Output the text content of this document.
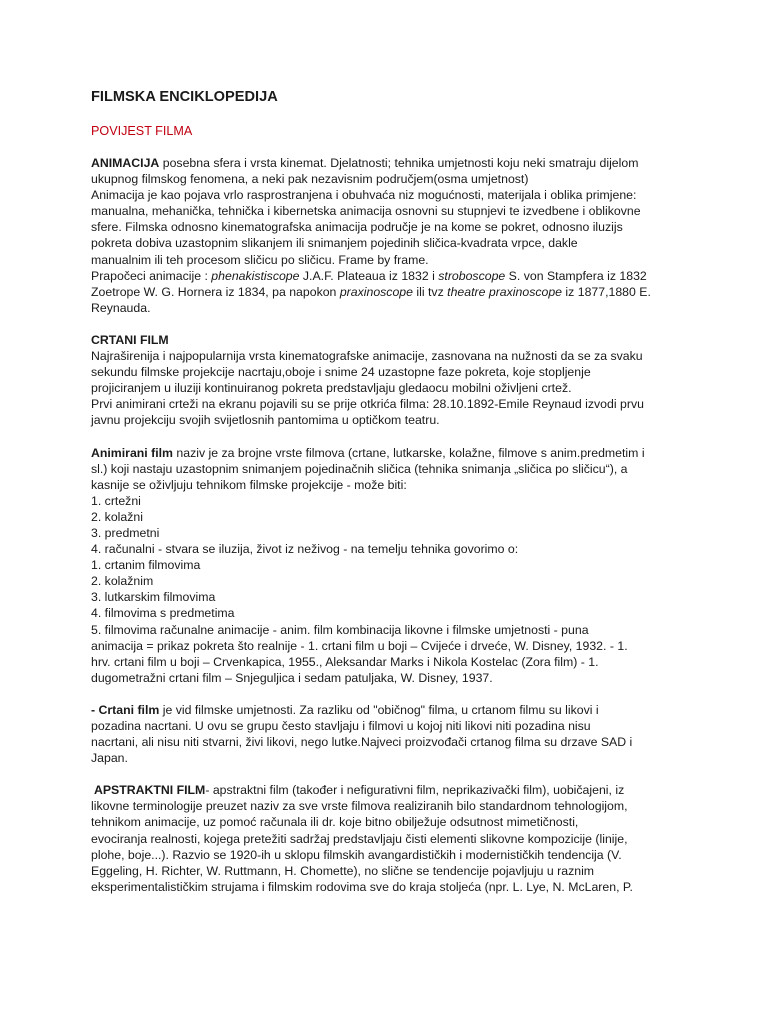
FILMSKA ENCIKLOPEDIJA
POVIJEST FILMA

ANIMACIJA posebna sfera i vrsta kinemat. Djelatnosti; tehnika umjetnosti koju neki smatraju dijelom

ukupnog filmskog fenomena, a neki pak nezavisnim područjem(osma umjetnost)

Animacija je kao pojava vrlo rasprostranjena i obuhvaća niz mogućnosti, materijala i oblika primjene:

manualna, mehanička, tehnička i kibernetska animacija osnovni su stupnjevi te izvedbene i oblikovne

sfere. Filmska odnosno kinematografska animacija područje je na kome se pokret, odnosno iluzijs

pokreta dobiva uzastopnim slikanjem ili snimanjem pojedinih sličica-kvadrata vrpce, dakle

manualnim ili teh procesom sličicu po sličicu. Frame by frame.

Prapočeci animacije : phenakistiscope J.A.F. Plateaua iz 1832 i stroboscope S. von Stampfera iz 1832

Zoetrope W. G. Hornera iz 1834, pa napokon praxinoscope ili tvz theatre praxinoscope iz 1877,1880 E.

Reynauda.

CRTANI FILM

Najraširenija i najpopularnija vrsta kinematografske animacije, zasnovana na nužnosti da se za svaku

sekundu filmske projekcije nacrtaju,oboje i snime 24 uzastopne faze pokreta, koje stopljenje

projiciranjem u iluziji kontinuiranog pokreta predstavljaju gledaocu mobilni oživljeni crtež.

Prvi animirani crteži na ekranu pojavili su se prije otkrića filma: 28.10.1892-Emile Reynaud izvodi prvu

javnu projekciju svojih svijetlosnih pantomima u optičkom teatru.

Animirani film naziv je za brojne vrste filmova (crtane, lutkarske, kolažne, filmove s anim.predmetim i

sl.) koji nastaju uzastopnim snimanjem pojedinačnih sličica (tehnika snimanja „sličica po sličicu“), a

kasnije se oživljuju tehnikom filmske projekcije - može biti:

1. crtežni

2. kolažni

3. predmetni

4. računalni - stvara se iluzija, život iz neživog - na temelju tehnika govorimo o:

1. crtanim filmovima

2. kolažnim

3. lutkarskim filmovima

4. filmovima s predmetima

5. filmovima računalne animacije - anim. film kombinacija likovne i filmske umjetnosti - puna

animacija = prikaz pokreta što realnije - 1. crtani film u boji – Cvijeće i drveće, W. Disney, 1932. - 1.

hrv. crtani film u boji – Crvenkapica, 1955., Aleksandar Marks i Nikola Kostelac (Zora film) - 1.

dugometražni crtani film – Snjeguljica i sedam patuljaka, W. Disney, 1937.

- Crtani film je vid filmske umjetnosti. Za razliku od "običnog" filma, u crtanom filmu su likovi i

pozadina nacrtani. U ovu se grupu često stavljaju i filmovi u kojoj niti likovi niti pozadina nisu

nacrtani, ali nisu niti stvarni, živi likovi, nego lutke.Najveci proizvođači crtanog filma su drzave SAD i

Japan.

APSTRAKTNI FILM- apstraktni film (također i nefigurativni film, neprikazivački film), uobičajeni, iz

likovne terminologije preuzet naziv za sve vrste filmova realiziranih bilo standardnom tehnologijom,

tehnikom animacije, uz pomoć računala ili dr. koje bitno obilježuje odsutnost mimetičnosti,

evociranja realnosti, kojega pretežiti sadržaj predstavljaju čisti elementi slikovne kompozicije (linije,

plohe, boje...). Razvio se 1920-ih u sklopu filmskih avangardističkih i modernističkih tendencija (V.

Eggeling, H. Richter, W. Ruttmann, H. Chomette), no slične se tendencije pojavljuju u raznim

eksperimentalističkim strujama i filmskim rodovima sve do kraja stoljeća (npr. L. Lye, N. McLaren, P.
